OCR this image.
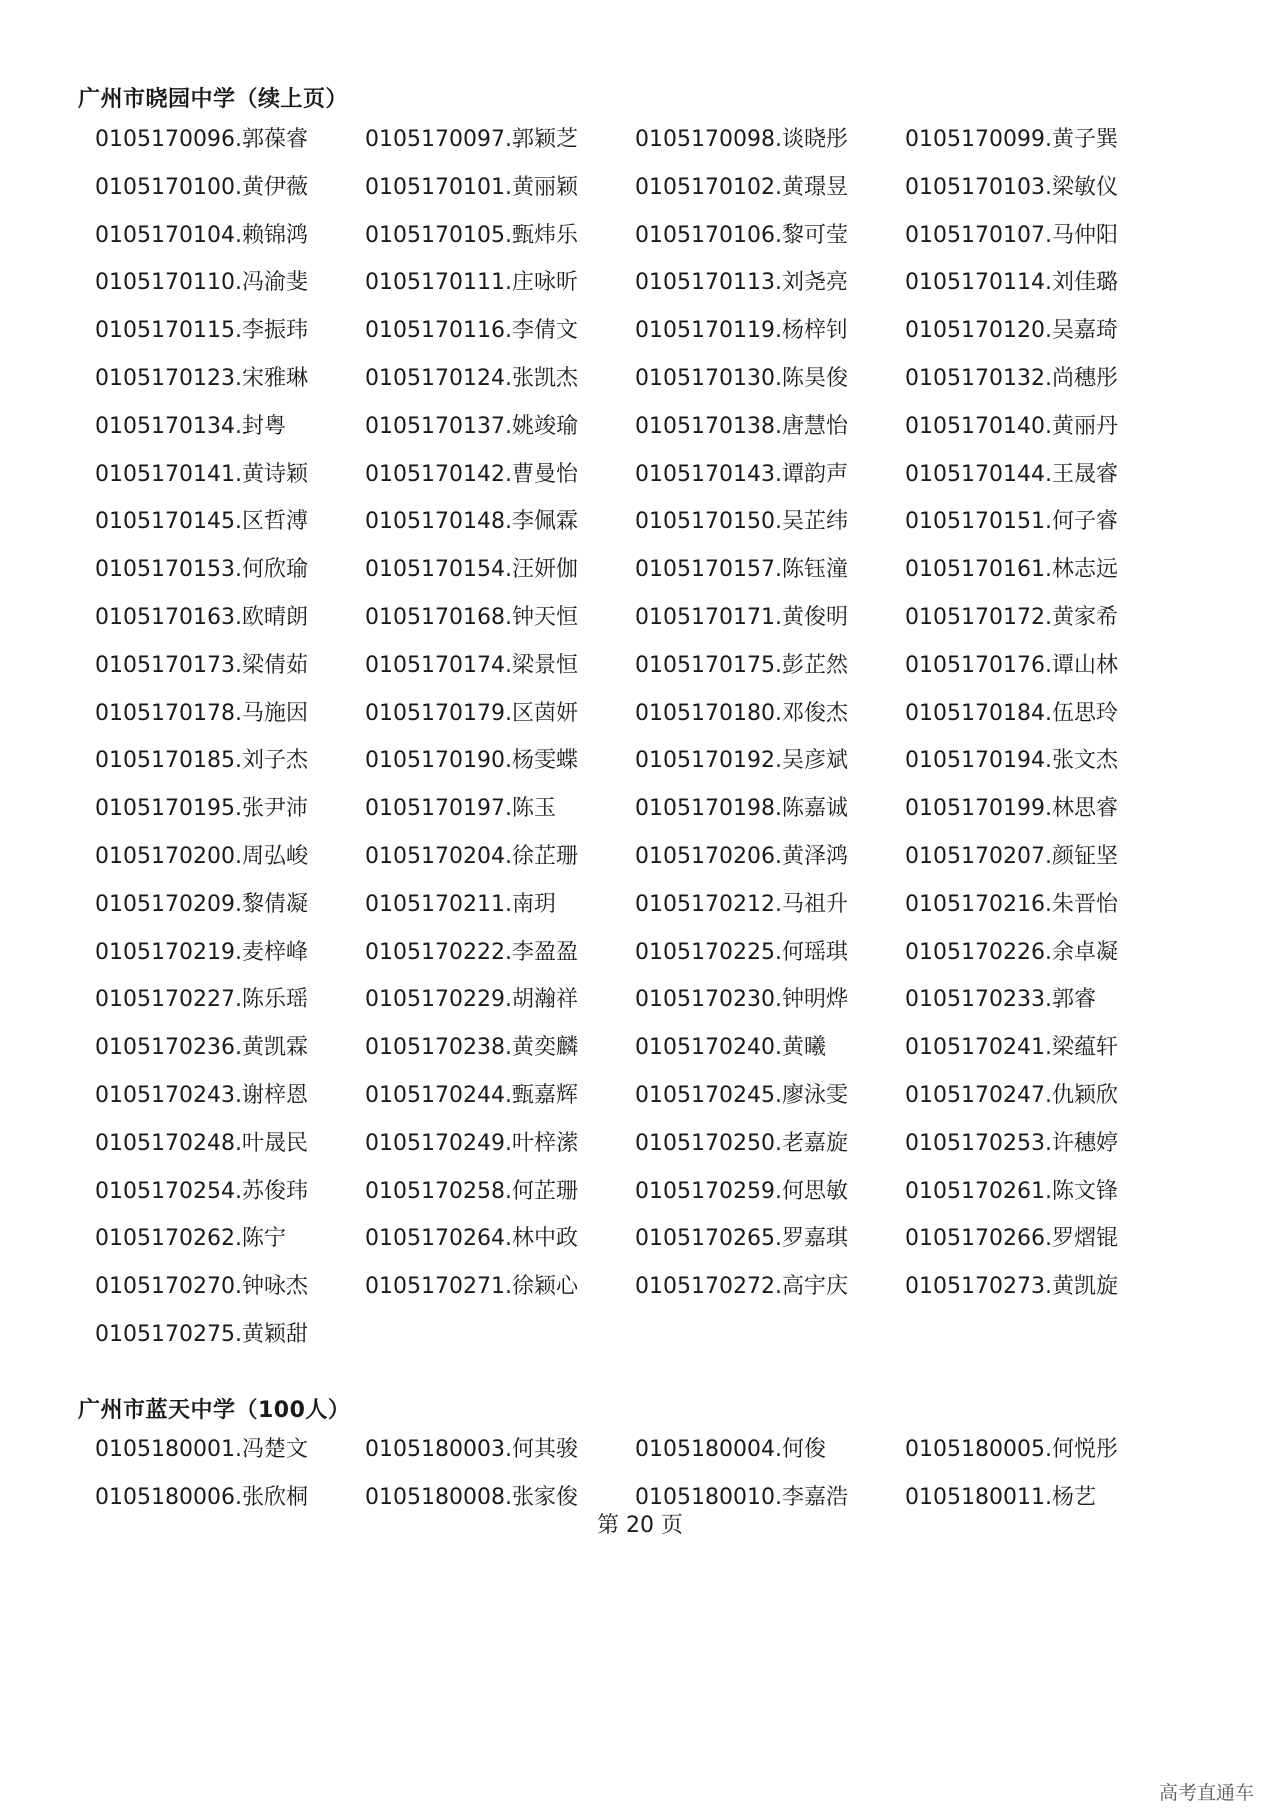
广州市晓园中学（续上页）
0105170096.郭葆睿	0105170097.郭颖芝	0105170098.谈晓彤	0105170099.黄子巽
0105170100.黄伊薇	0105170101.黄丽颖	0105170102.黄璟昱	0105170103.梁敏仪
0105170104.赖锦鸿	0105170105.甄炜乐	0105170106.黎可莹	0105170107.马仲阳
0105170110.冯渝斐	0105170111.庄咏昕	0105170113.刘尧亮	0105170114.刘佳璐
0105170115.李振玮	0105170116.李倩文	0105170119.杨梓钊	0105170120.吴嘉琦
0105170123.宋雅琳	0105170124.张凯杰	0105170130.陈昊俊	0105170132.尚穗彤
0105170134.封粤	0105170137.姚竣瑜	0105170138.唐慧怡	0105170140.黄丽丹
0105170141.黄诗颖	0105170142.曹曼怡	0105170143.谭韵声	0105170144.王晟睿
0105170145.区哲溥	0105170148.李佩霖	0105170150.吴芷纬	0105170151.何子睿
0105170153.何欣瑜	0105170154.汪妍伽	0105170157.陈钰潼	0105170161.林志远
0105170163.欧晴朗	0105170168.钟天恒	0105170171.黄俊明	0105170172.黄家希
0105170173.梁倩茹	0105170174.梁景恒	0105170175.彭芷然	0105170176.谭山林
0105170178.马施因	0105170179.区茵妍	0105170180.邓俊杰	0105170184.伍思玲
0105170185.刘子杰	0105170190.杨雯蝶	0105170192.吴彦斌	0105170194.张文杰
0105170195.张尹沛	0105170197.陈玉	0105170198.陈嘉诚	0105170199.林思睿
0105170200.周弘峻	0105170204.徐芷珊	0105170206.黄泽鸿	0105170207.颜钲坚
0105170209.黎倩凝	0105170211.南玥	0105170212.马祖升	0105170216.朱晋怡
0105170219.麦梓峰	0105170222.李盈盈	0105170225.何瑶琪	0105170226.余卓凝
0105170227.陈乐瑶	0105170229.胡瀚祥	0105170230.钟明烨	0105170233.郭睿
0105170236.黄凯霖	0105170238.黄奕麟	0105170240.黄曦	0105170241.梁蕴轩
0105170243.谢梓恩	0105170244.甄嘉辉	0105170245.廖泳雯	0105170247.仇颖欣
0105170248.叶晟民	0105170249.叶梓潆	0105170250.老嘉旋	0105170253.许穗婷
0105170254.苏俊玮	0105170258.何芷珊	0105170259.何思敏	0105170261.陈文锋
0105170262.陈宁	0105170264.林中政	0105170265.罗嘉琪	0105170266.罗熠锟
0105170270.钟咏杰	0105170271.徐颖心	0105170272.高宇庆	0105170273.黄凯旋
0105170275.黄颖甜
广州市蓝天中学（100人）
0105180001.冯楚文	0105180003.何其骏	0105180004.何俊	0105180005.何悦彤
0105180006.张欣桐	0105180008.张家俊	0105180010.李嘉浩	0105180011.杨艺
第 20 页
高考直通车
